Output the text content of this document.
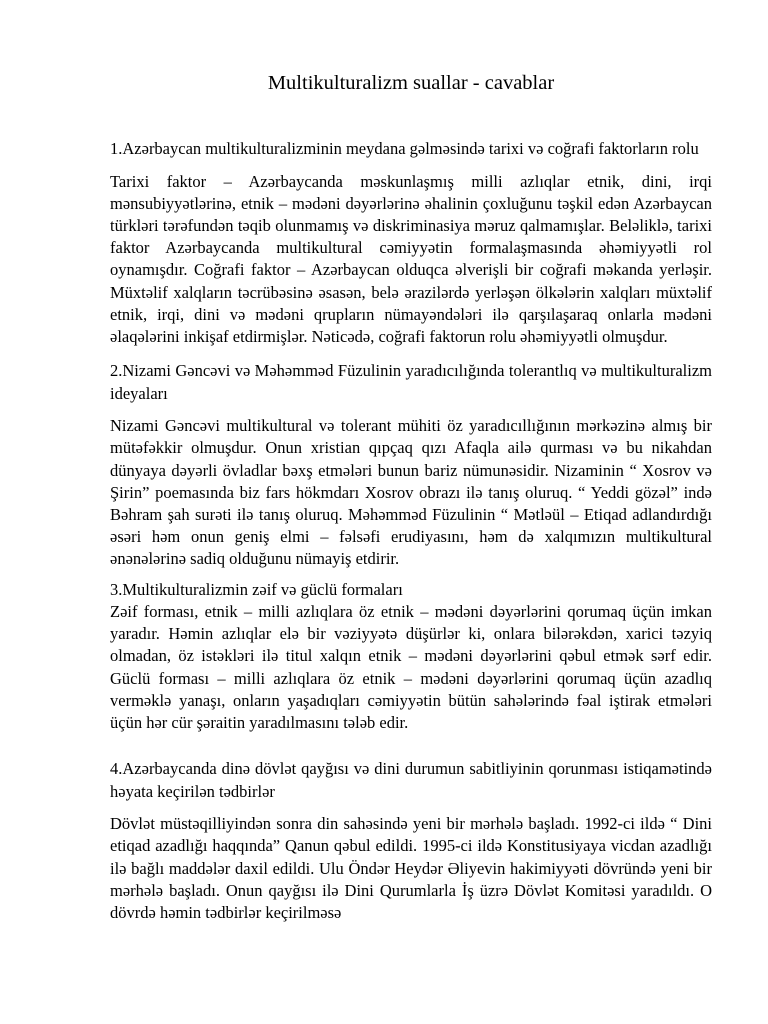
Multikulturalizm suallar - cavablar
1.Azərbaycan multikulturalizminin meydana gəlməsində tarixi və coğrafi faktorların rolu
Tarixi faktor – Azərbaycanda məskunlaşmış milli azlıqlar etnik, dini, irqi mənsubiyyətlərinə, etnik – mədəni dəyərlərinə əhalinin çoxluğunu təşkil edən Azərbaycan türkləri tərəfundən təqib olunmamış və diskriminasiya məruz qalmamışlar. Beləliklə, tarixi faktor Azərbaycanda multikultural cəmiyyətin formalaşmasında əhəmiyyətli rol oynamışdır. Coğrafi faktor – Azərbaycan olduqca əlverişli bir coğrafi məkanda yerləşir. Müxtəlif xalqların təcrübəsinə əsasən, belə ərazilərdə yerləşən ölkələrin xalqları müxtəlif etnik, irqi, dini və mədəni qrupların nümayəndələri ilə qarşılaşaraq onlarla mədəni əlaqələrini inkişaf etdirmişlər. Nəticədə, coğrafi faktorun rolu əhəmiyyətli olmuşdur.
2.Nizami Gəncəvi və Məhəmməd Füzulinin yaradıcılığında tolerantlıq və multikulturalizm ideyaları
Nizami Gəncəvi multikultural və tolerant mühiti öz yaradıcıllığının mərkəzinə almış bir mütəfəkkir olmuşdur. Onun xristian qıpçaq qızı Afaqla ailə qurması və bu nikahdan dünyaya dəyərli övladlar bəxş etmələri bunun bariz nümunəsidir. Nizaminin “ Xosrov və Şirin” poemasında biz fars hökmdarı Xosrov obrazı ilə tanış oluruq. “ Yeddi gözəl” ində Bəhram şah surəti ilə tanış oluruq. Məhəmməd Füzulinin “ Mətləül – Etiqad adlandırdığı əsəri həm onun geniş elmi – fəlsəfi erudiyasını, həm də xalqımızın multikultural ənənələrinə sadiq olduğunu nümayiş etdirir.
3.Multikulturalizmin zəif və güclü formaları
Zəif forması, etnik – milli azlıqlara öz etnik – mədəni dəyərlərini qorumaq üçün imkan yaradır. Həmin azlıqlar elə bir vəziyyətə düşürlər ki, onlara bilərəkdən, xarici təzyiq olmadan, öz istəkləri ilə titul xalqın etnik – mədəni dəyərlərini qəbul etmək sərf edir. Güclü forması – milli azlıqlara öz etnik – mədəni dəyərlərini qorumaq üçün azadlıq verməklə yanaşı, onların yaşadıqları cəmiyyətin bütün sahələrində fəal iştirak etmələri üçün hər cür şəraitin yaradılmasını tələb edir.
4.Azərbaycanda dinə dövlət qayğısı və dini durumun sabitliyinin qorunması istiqamətində həyata keçirilən tədbirlər
Dövlət müstəqilliyindən sonra din sahəsində yeni bir mərhələ başladı. 1992-ci ildə “ Dini etiqad azadlığı haqqında” Qanun qəbul edildi. 1995-ci ildə Konstitusiyaya vicdan azadlığı ilə bağlı maddələr daxil edildi. Ulu Öndər Heydər Əliyevin hakimiyyəti dövründə yeni bir mərhələ başladı. Onun qayğısı ilə Dini Qurumlarla İş üzrə Dövlət Komitəsi yaradıldı. O dövrdə həmin tədbirlər keçirilməsə
